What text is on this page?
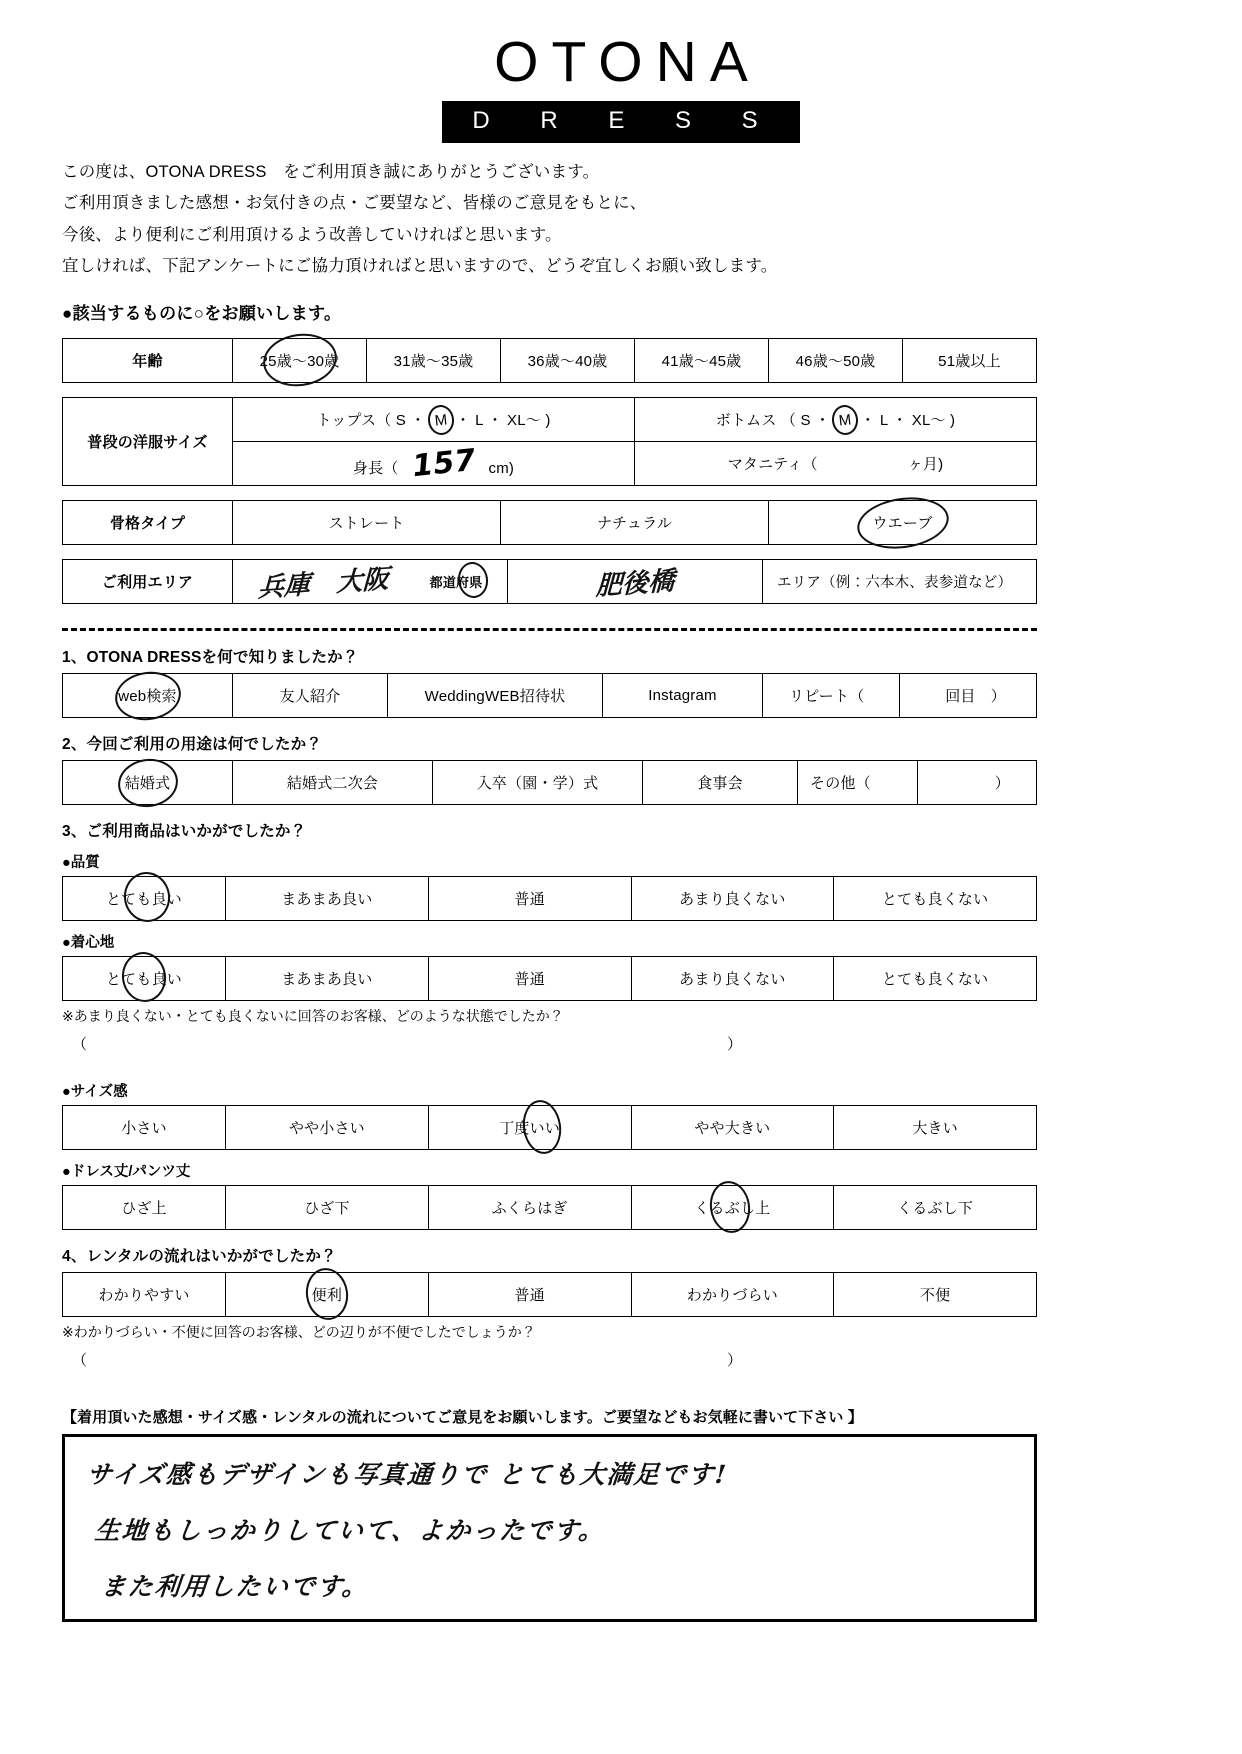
OTONA
D R E S S

この度は、OTONA DRESS　をご利用頂き誠にありがとうございます。

ご利用頂きました感想・お気付きの点・ご要望など、皆様のご意見をもとに、

今後、より便利にご利用頂けるよう改善していければと思います。

宜しければ、下記アンケートにご協力頂ければと思いますので、どうぞ宜しくお願い致します。

●該当するものに○をお願いします。
年齢	25歳〜30歳	31歳〜35歳	36歳〜40歳	41歳〜45歳	46歳〜50歳	51歳以上
普段の洋服サイズ	トップス（ S ・ M ・ L ・ XL〜 )	ボトムス （ S ・ M ・ L ・ XL〜 )
	身長（ 157 cm)	マタニティ（ ヶ月)
骨格タイプ	ストレート	ナチュラル	ウエーブ
ご利用エリア	兵庫　大阪	都道府県	肥後橋	エリア（例：六本木、表参道など）
1、OTONA DRESSを何で知りましたか？
web検索	友人紹介	WeddingWEB招待状	Instagram	リピート（	回目　）
2、今回ご利用の用途は何でしたか？
結婚式	結婚式二次会	入卒（園・学）式	食事会	その他（	）
3、ご利用商品はいかがでしたか？
●品質
とても良い	まあまあ良い	普通	あまり良くない	とても良くない
●着心地
とても良い	まあまあ良い	普通	あまり良くない	とても良くない
※あまり良くない・とても良くないに回答のお客様、どのような状態でしたか？
（	）
●サイズ感
小さい	やや小さい	丁度いい	やや大きい	大きい
●ドレス丈/パンツ丈
ひざ上	ひざ下	ふくらはぎ	くるぶし上	くるぶし下
4、レンタルの流れはいかがでしたか？
わかりやすい	便利	普通	わかりづらい	不便
※わかりづらい・不便に回答のお客様、どの辺りが不便でしたでしょうか？
（	）
【着用頂いた感想・サイズ感・レンタルの流れについてご意見をお願いします。ご要望などもお気軽に書いて下さい 】
サイズ感もデザインも写真通りで とても大満足です!
生地もしっかりしていて、よかったです。
また利用したいです。
